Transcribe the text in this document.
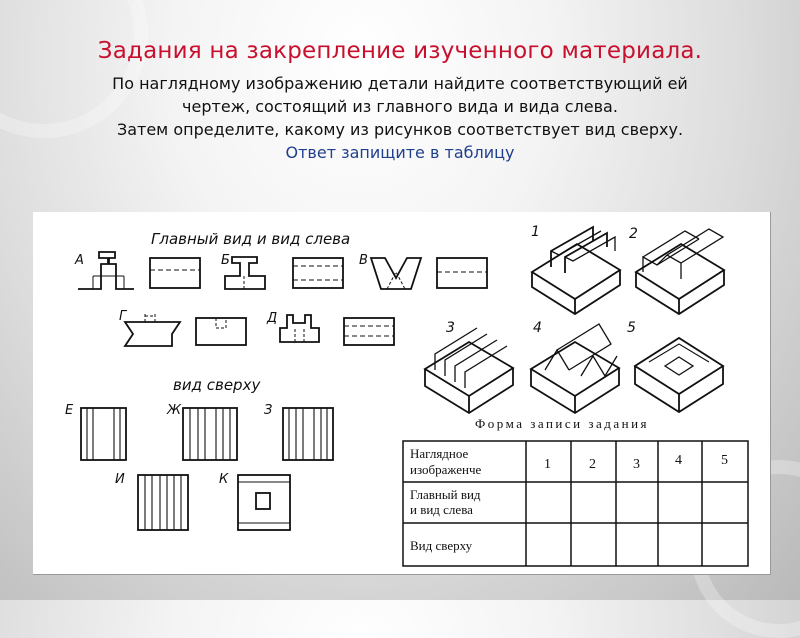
Задания на закрепление изученного материала.

По наглядному изображению детали найдите соответствующий ей

чертеж, состоящий из главного вида и вида слева.

Затем определите, какому из рисунков соответствует вид сверху.

Ответ запищите в таблицу

Главный вид и вид слева
А	Б	В
Г	Д
вид сверху
Е	Ж	З
И	К
1	2
3	4	5
Форма записи задания
Наглядное
изображенче	1	2	3	4	5
Главный вид
и вид слева
Вид сверху
